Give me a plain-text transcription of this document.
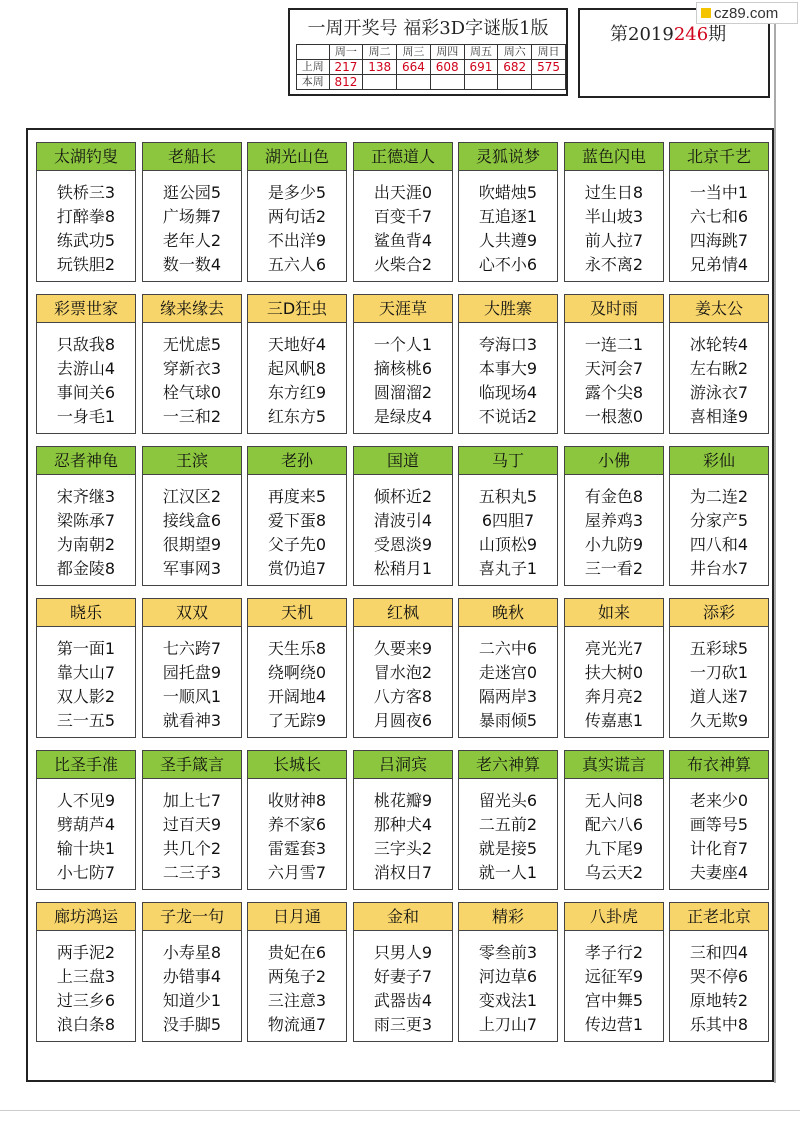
一周开奖号 福彩3D字谜版1版
	周一	周二	周三	周四	周五	周六	周日
上周	217	138	664	608	691	682	575
本周	812						
第2019246期
cz89.com
太湖钓叟
铁桥三3
打醉拳8
练武功5
玩铁胆2
老船长
逛公园5
广场舞7
老年人2
数一数4
湖光山色
是多少5
两句话2
不出洋9
五六人6
正德道人
出天涯0
百变千7
鲨鱼背4
火柴合2
灵狐说梦
吹蜡烛5
互追逐1
人共遵9
心不小6
蓝色闪电
过生日8
半山坡3
前人拉7
永不离2
北京千艺
一当中1
六七和6
四海跳7
兄弟情4
彩票世家
只敌我8
去游山4
事间关6
一身毛1
缘来缘去
无忧虑5
穿新衣3
栓气球0
一三和2
三D狂虫
天地好4
起风帆8
东方红9
红东方5
天涯草
一个人1
摘核桃6
圆溜溜2
是绿皮4
大胜寨
夸海口3
本事大9
临现场4
不说话2
及时雨
一连二1
天河会7
露个尖8
一根葱0
姜太公
冰轮转4
左右瞅2
游泳衣7
喜相逢9
忍者神龟
宋齐继3
梁陈承7
为南朝2
都金陵8
王滨
江汉区2
接线盒6
很期望9
军事网3
老孙
再度来5
爱下蛋8
父子先0
赏仍追7
国道
倾杯近2
清波引4
受恩淡9
松稍月1
马丁
五积丸5
6四胆7
山顶松9
喜丸子1
小佛
有金色8
屋养鸡3
小九防9
三一看2
彩仙
为二连2
分家产5
四八和4
井台水7
晓乐
第一面1
靠大山7
双人影2
三一五5
双双
七六跨7
园托盘9
一顺风1
就看神3
天机
天生乐8
绕啊绕0
开阔地4
了无踪9
红枫
久要来9
冒水泡2
八方客8
月圆夜6
晚秋
二六中6
走迷宫0
隔两岸3
暴雨倾5
如来
亮光光7
扶大树0
奔月亮2
传嘉惠1
添彩
五彩球5
一刀砍1
道人迷7
久无欺9
比圣手准
人不见9
劈葫芦4
输十块1
小七防7
圣手箴言
加上七7
过百天9
共几个2
二三子3
长城长
收财神8
养不家6
雷霆套3
六月雪7
吕洞宾
桃花瓣9
那种犬4
三字头2
消权日7
老六神算
留光头6
二五前2
就是接5
就一人1
真实谎言
无人问8
配六八6
九下尾9
乌云天2
布衣神算
老来少0
画等号5
计化育7
夫妻座4
廊坊鸿运
两手泥2
上三盘3
过三乡6
浪白条8
子龙一句
小寿星8
办错事4
知道少1
没手脚5
日月通
贵妃在6
两兔子2
三注意3
物流通7
金和
只男人9
好妻子7
武器齿4
雨三更3
精彩
零叁前3
河边草6
变戏法1
上刀山7
八卦虎
孝子行2
远征军9
宫中舞5
传边营1
正老北京
三和四4
哭不停6
原地转2
乐其中8
